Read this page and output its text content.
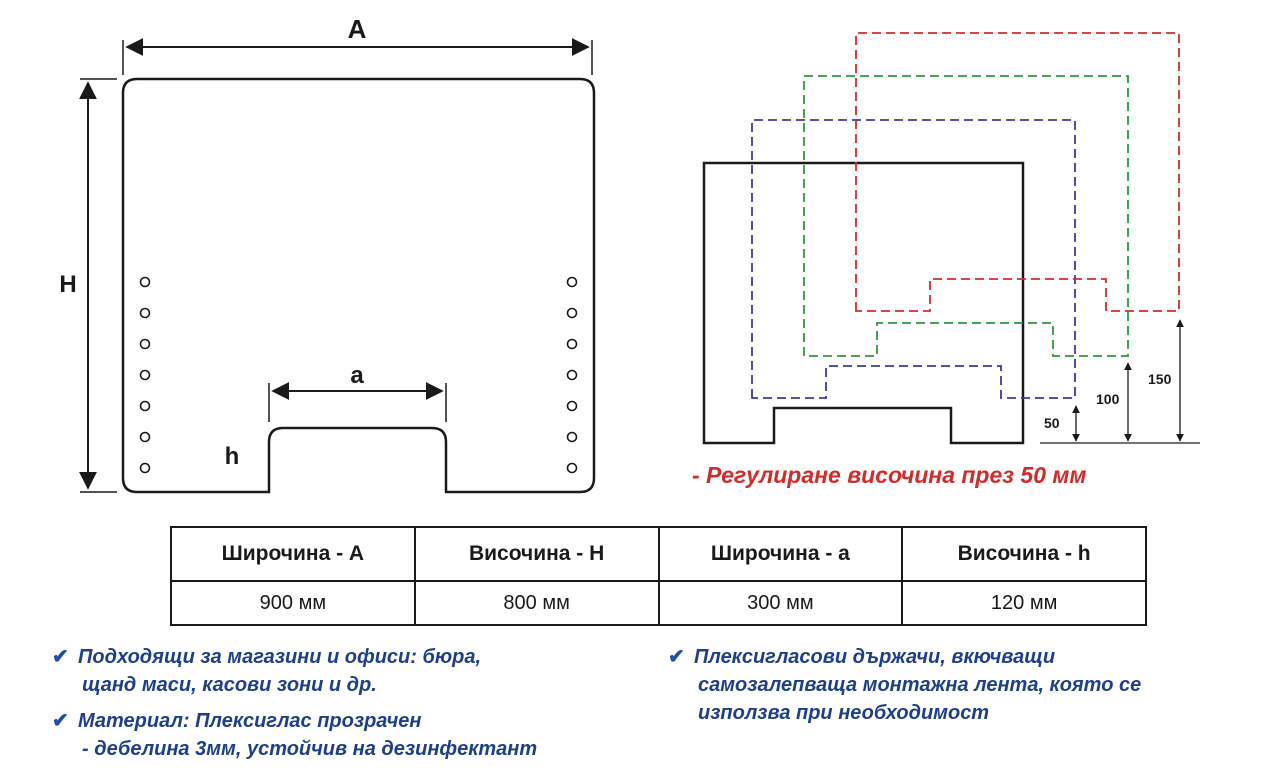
A
H
a
h
50
100
150
- Регулиране височина през 50 мм
Широчина - A	Височина - H	Широчина - a	Височина - h
900 мм	800 мм	300 мм	120 мм
✔ Подходящи за магазини и офиси: бюра,
щанд маси, касови зони и др.
✔ Материал: Плексиглас прозрачен
- дебелина 3мм, устойчив на дезинфектант
✔ Плексигласови държачи, вкючващи
самозалепваща монтажна лента, която се
използва при необходимост
